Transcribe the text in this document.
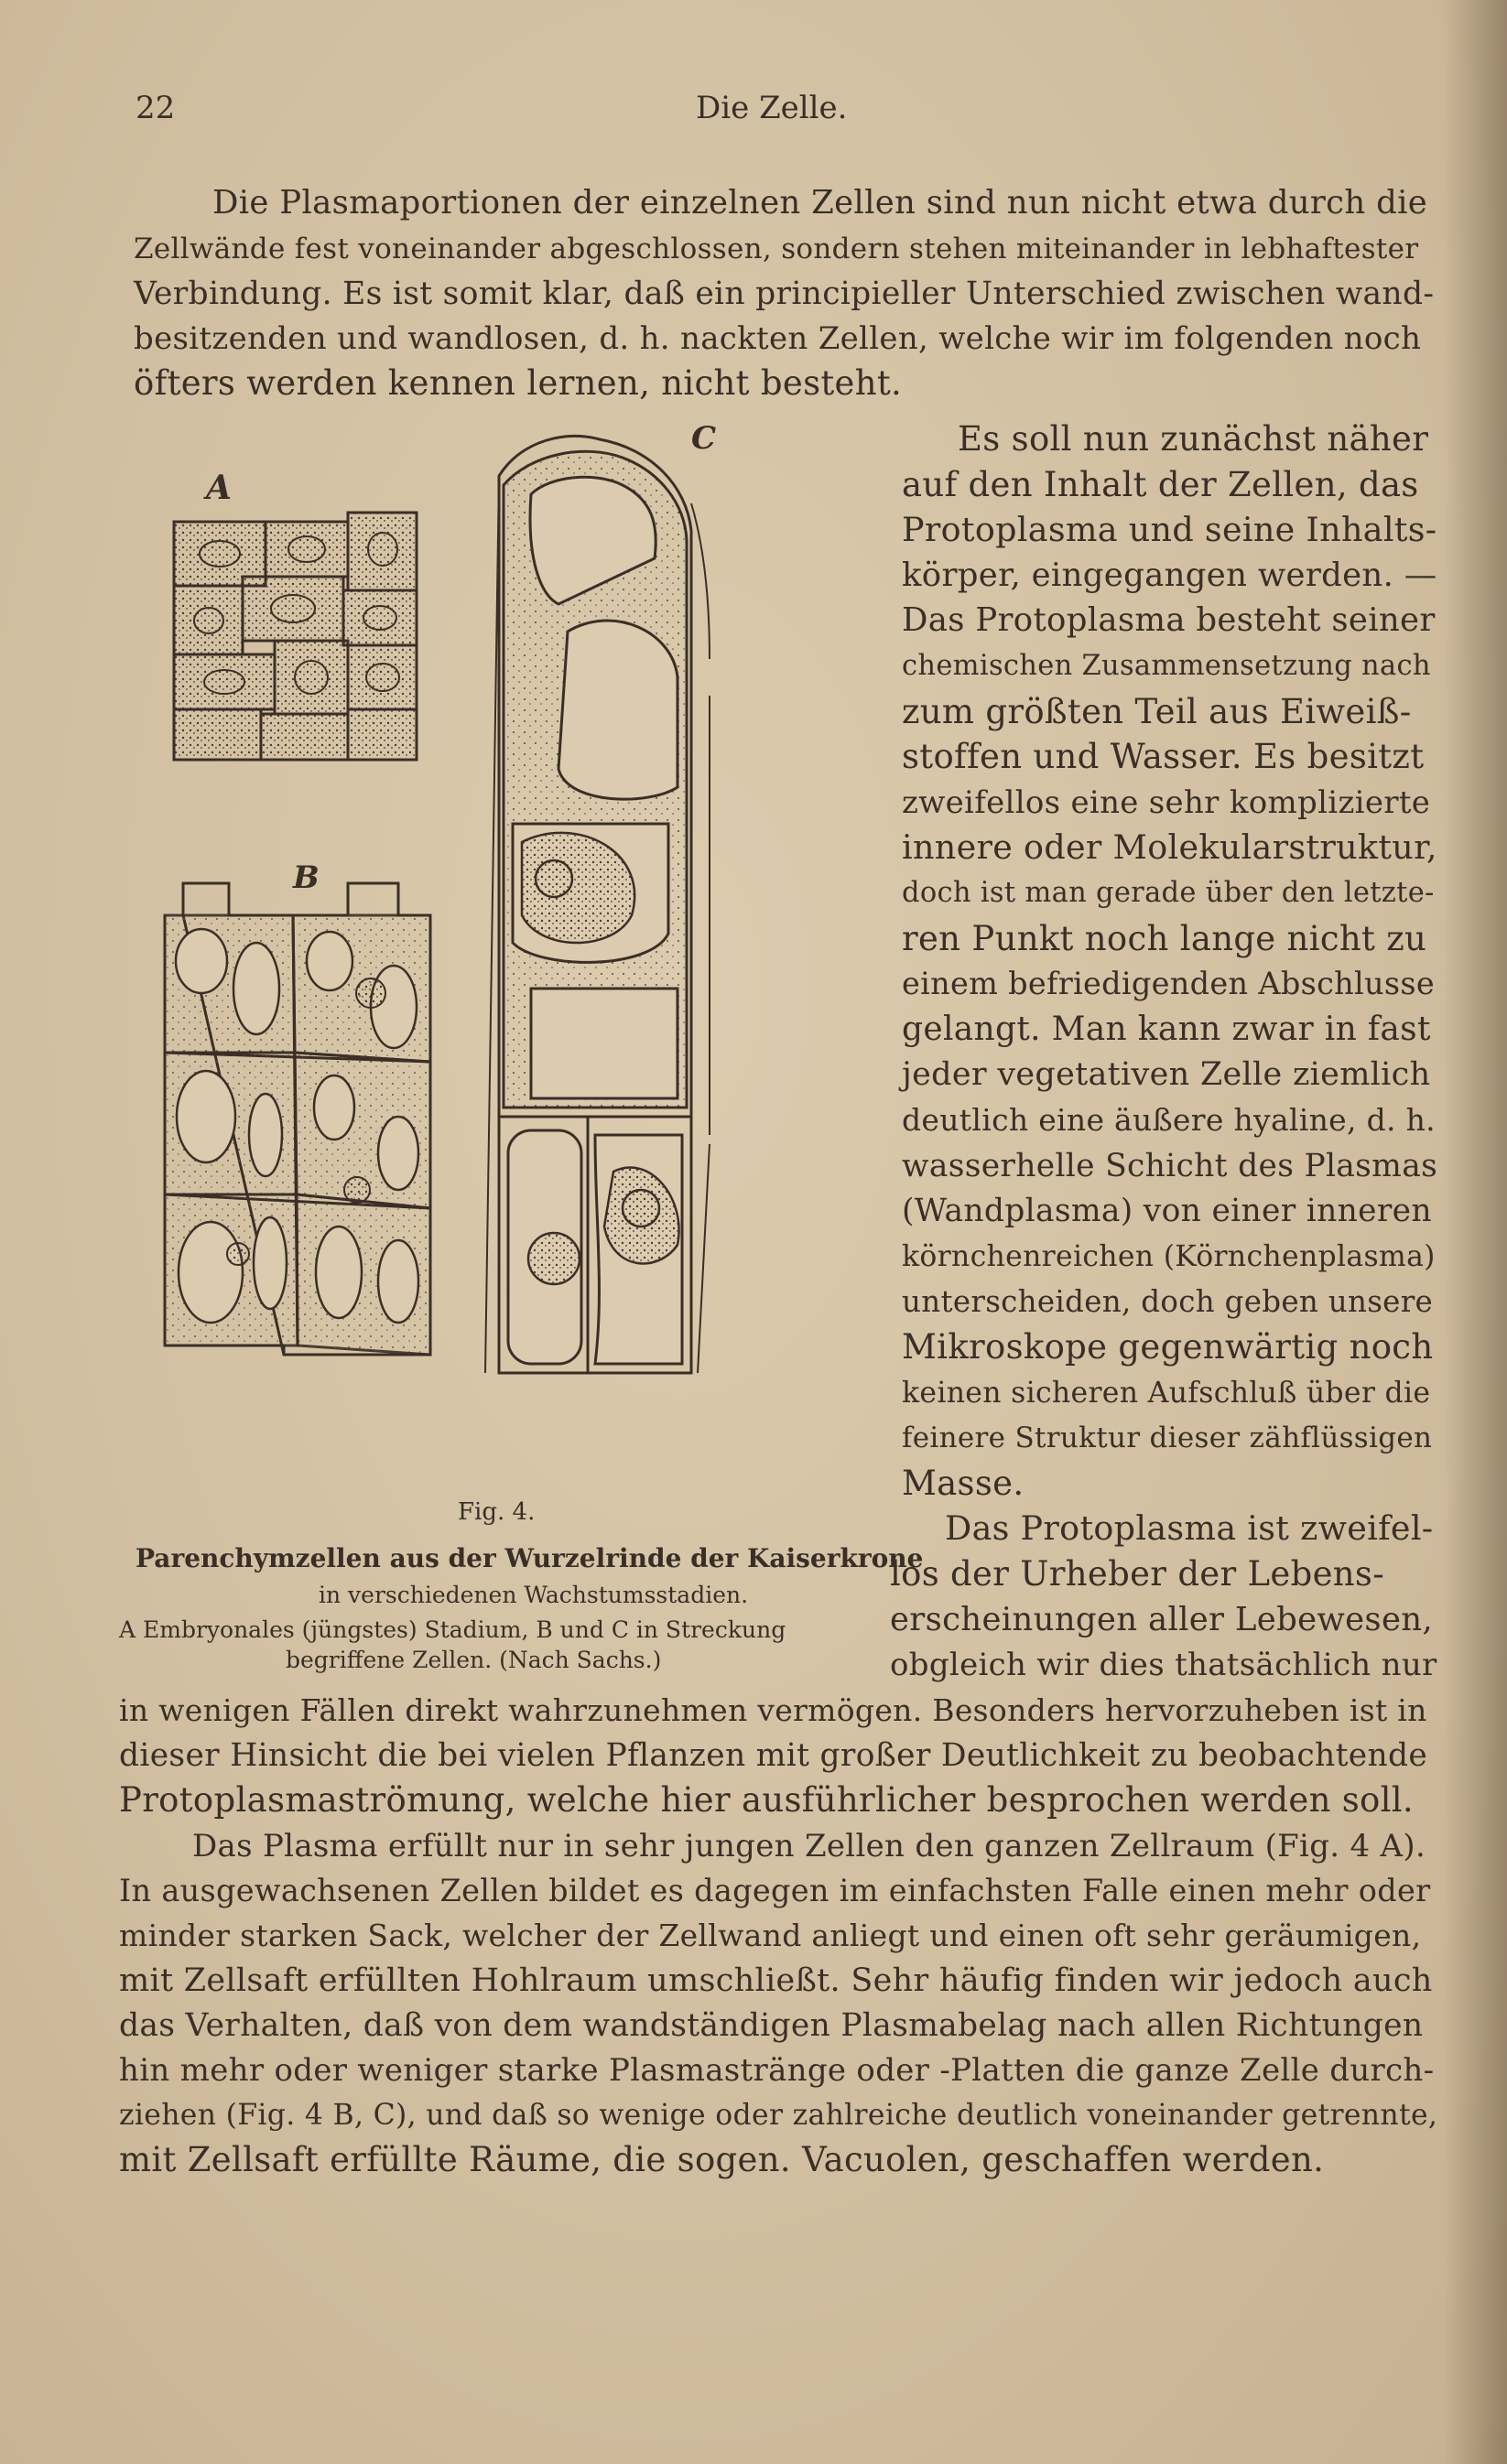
22	Die Zelle.
Die Plasmaportionen der einzelnen Zellen sind nun nicht etwa durch die
Zellwände fest voneinander abgeschlossen, sondern stehen miteinander in lebhaftester
Verbindung. Es ist somit klar, daß ein principieller Unterschied zwischen wand-
besitzenden und wandlosen, d. h. nackten Zellen, welche wir im folgenden noch
öfters werden kennen lernen, nicht besteht.
A
B
C
Fig. 4.
Parenchymzellen aus der Wurzelrinde der Kaiserkrone
in verschiedenen Wachstumsstadien.
A Embryonales (jüngstes) Stadium, B und C in Streckung
begriffene Zellen. (Nach Sachs.)
Es soll nun zunächst näher
auf den Inhalt der Zellen, das
Protoplasma und seine Inhalts-
körper, eingegangen werden. —
Das Protoplasma besteht seiner
chemischen Zusammensetzung nach
zum größten Teil aus Eiweiß-
stoffen und Wasser. Es besitzt
zweifellos eine sehr komplizierte
innere oder Molekularstruktur,
doch ist man gerade über den letzte-
ren Punkt noch lange nicht zu
einem befriedigenden Abschlusse
gelangt. Man kann zwar in fast
jeder vegetativen Zelle ziemlich
deutlich eine äußere hyaline, d. h.
wasserhelle Schicht des Plasmas
(Wandplasma) von einer inneren
körnchenreichen (Körnchenplasma)
unterscheiden, doch geben unsere
Mikroskope gegenwärtig noch
keinen sicheren Aufschluß über die
feinere Struktur dieser zähflüssigen
Masse.
Das Protoplasma ist zweifel-
los der Urheber der Lebens-
erscheinungen aller Lebewesen,
obgleich wir dies thatsächlich nur
in wenigen Fällen direkt wahrzunehmen vermögen. Besonders hervorzuheben ist in
dieser Hinsicht die bei vielen Pflanzen mit großer Deutlichkeit zu beobachtende
Protoplasmaströmung, welche hier ausführlicher besprochen werden soll.
Das Plasma erfüllt nur in sehr jungen Zellen den ganzen Zellraum (Fig. 4 A).
In ausgewachsenen Zellen bildet es dagegen im einfachsten Falle einen mehr oder
minder starken Sack, welcher der Zellwand anliegt und einen oft sehr geräumigen,
mit Zellsaft erfüllten Hohlraum umschließt. Sehr häufig finden wir jedoch auch
das Verhalten, daß von dem wandständigen Plasmabelag nach allen Richtungen
hin mehr oder weniger starke Plasmastränge oder -Platten die ganze Zelle durch-
ziehen (Fig. 4 B, C), und daß so wenige oder zahlreiche deutlich voneinander getrennte,
mit Zellsaft erfüllte Räume, die sogen. Vacuolen, geschaffen werden.
